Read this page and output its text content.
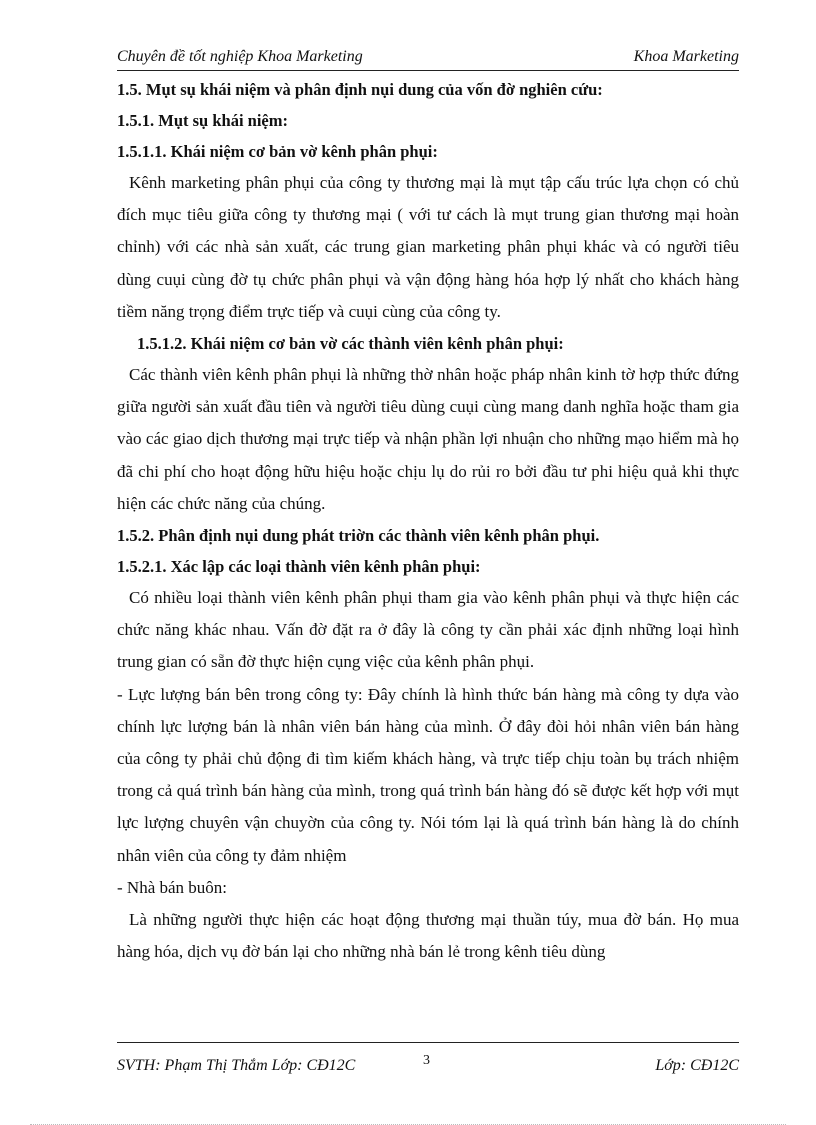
Chuyên đề tốt nghiệp Khoa Marketing	Khoa Marketing

1.5. Mụt sụ khái niệm và phân định nụi dung của vốn đờ nghiên cứu:

1.5.1. Mụt sụ khái niệm:

1.5.1.1. Khái niệm cơ bản vờ kênh phân phụi:

Kênh marketing phân phụi của công ty thương mại là mụt tập cấu trúc lựa chọn có chủ đích mục tiêu giữa công ty thương mại ( với tư cách là mụt trung gian thương mại hoàn chỉnh) với các nhà sản xuất, các trung gian marketing phân phụi khác và có người tiêu dùng cuụi cùng đờ tụ chức phân phụi và vận động hàng hóa hợp lý nhất cho khách hàng tiềm năng trọng điểm trực tiếp và cuụi cùng của công ty.

1.5.1.2. Khái niệm cơ bản vờ các thành viên kênh phân phụi:

Các thành viên kênh phân phụi là những thờ nhân hoặc pháp nhân kinh tờ hợp thức đứng giữa người sản xuất đầu tiên và người tiêu dùng cuụi cùng mang danh nghĩa hoặc tham gia vào các giao dịch thương mại trực tiếp và nhận phần lợi nhuận cho những mạo hiểm mà họ đã chi phí cho hoạt động hữu hiệu hoặc chịu lụ do rủi ro bởi đầu tư phi hiệu quả khi thực hiện các chức năng của chúng.

1.5.2. Phân định nụi dung phát triờn các thành viên kênh phân phụi.

1.5.2.1. Xác lập các loại thành viên kênh phân phụi:

Có nhiều loại thành viên kênh phân phụi tham gia vào kênh phân phụi và thực hiện các chức năng khác nhau. Vấn đờ đặt ra ở đây là công ty cần phải xác định những loại hình trung gian có sẵn đờ thực hiện cụng việc của kênh phân phụi.

- Lực lượng bán bên trong công ty: Đây chính là hình thức bán hàng mà công ty dựa vào chính lực lượng bán là nhân viên bán hàng của mình. Ở đây đòi hỏi nhân viên bán hàng của công ty phải chủ động đi tìm kiếm khách hàng, và trực tiếp chịu toàn bụ trách nhiệm trong cả quá trình bán hàng của mình, trong quá trình bán hàng đó sẽ được kết hợp với mụt lực lượng chuyên vận chuyờn của công ty. Nói tóm lại là quá trình bán hàng là do chính nhân viên của công ty đảm nhiệm

- Nhà bán buôn:

Là những người thực hiện các hoạt động thương mại thuần túy, mua đờ bán. Họ mua hàng hóa, dịch vụ đờ bán lại cho những nhà bán lẻ trong kênh tiêu dùng

SVTH: Phạm Thị Thắm Lớp: CĐ12C	3	Lớp: CĐ12C
